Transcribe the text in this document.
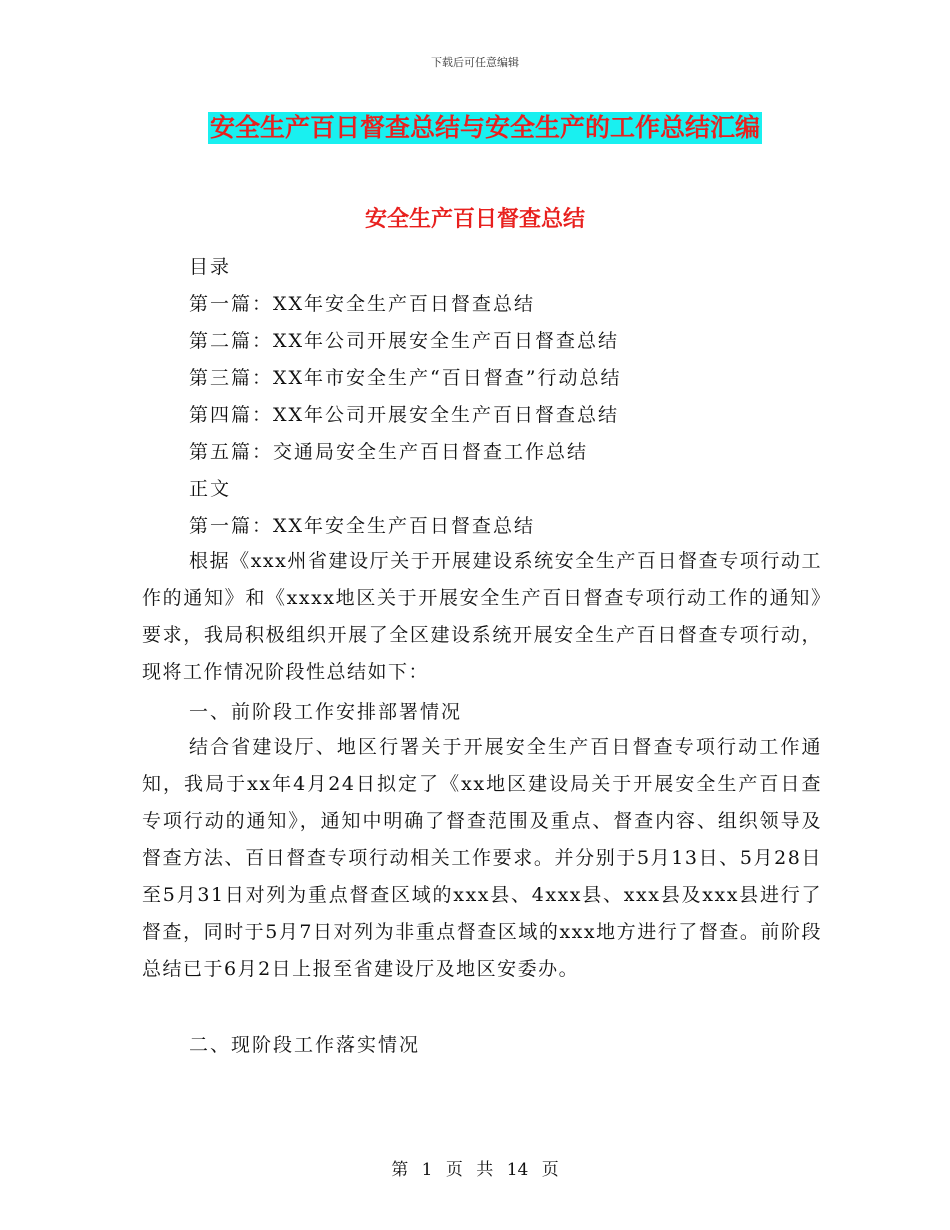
下载后可任意编辑
安全生产百日督查总结与安全生产的工作总结汇编
安全生产百日督查总结
目录
第一篇：XX年安全生产百日督查总结
第二篇：XX年公司开展安全生产百日督查总结
第三篇：XX年市安全生产“百日督查”行动总结
第四篇：XX年公司开展安全生产百日督查总结
第五篇：交通局安全生产百日督查工作总结
正文
第一篇：XX年安全生产百日督查总结

根据《xxx州省建设厅关于开展建设系统安全生产百日督查专项行动工作的通知》和《xxxx地区关于开展安全生产百日督查专项行动工作的通知》要求，我局积极组织开展了全区建设系统开展安全生产百日督查专项行动，现将工作情况阶段性总结如下：

一、前阶段工作安排部署情况

结合省建设厅、地区行署关于开展安全生产百日督查专项行动工作通知，我局于xx年4月24日拟定了《xx地区建设局关于开展安全生产百日查专项行动的通知》，通知中明确了督查范围及重点、督查内容、组织领导及督查方法、百日督查专项行动相关工作要求。并分别于5月13日、5月28日至5月31日对列为重点督查区域的xxx县、4xxx县、xxx县及xxx县进行了督查，同时于5月7日对列为非重点督查区域的xxx地方进行了督查。前阶段总结已于6月2日上报至省建设厅及地区安委办。

二、现阶段工作落实情况
第 1 页 共 14 页
